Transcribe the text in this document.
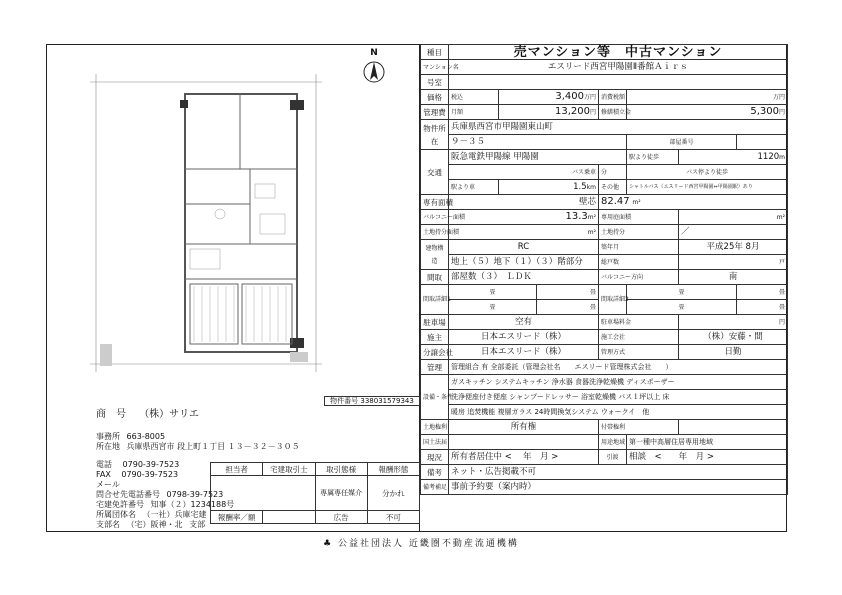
N	種目	売マンション等　中古マンション						
マンション名	エスリード西宮甲陽園Ⅱ番館Ａｉｒｓ						
号室							
価格	税込	3,400万円		消費税額	万円		
管理費	月額	13,200円		修繕積立金	5,300円		
物件所在	兵庫県西宮市甲陽園東山町						
	９－３５				部屋番号		
交通	阪急電鉄甲陽線 甲陽園				駅より徒歩	1120m	
	バス乗車			分	バス停より徒歩		
	駅より車	1.5km		その他	シャトルバス（エスリード西宮甲陽園⇔甲陽園駅）あり		
専有面積	壁芯			82.47 m²			
バルコニー面積	13.3m²			専用庭面積		m²	
土地持分面積	m²			土地持分		／	
建物構造	RC			築年月		平成25年 8月	
	地上（５）地下（１）（３）階部分			総戸数		戸	
間取	部屋数（３）　ＬＤＫ			バルコニー方向		南	
間取詳細1	畳		畳	間取詳細2	畳		畳
	畳		畳		畳		畳
駐車場	空有			駐車場料金		円	
施主	日本エスリード（株）			施工会社		（株）安藤・間	
分譲会社	日本エスリード（株）			管理方式		日勤	
管理	管理組合 有 全部委託（管理会社名　　エスリード管理株式会社　　）						
設備・条件	ガスキッチン システムキッチン 浄水器 食器洗浄乾燥機 ディスポーザー						
	洗浄便座付き便座 シャンプードレッサー 浴室乾燥機 バス１坪以上 床						
	暖房 追焚機能 複層ガラス 24時間換気システム ウォークイ　他						
土地権利	所有権			付帯権利			
国土法届				用途地域	第一種中高層住居専用地域		
現況	所有者居住中 <　 年　月 >			引渡	相談　<　　年　月 >		
備考	ネット・広告掲載不可						
備考補足	事前予約要（案内時）						
物件番号 338031579343
商　号 （株）サリエ
事務所 663-8005
所在地 兵庫県西宮市 段上町１丁目 １３－３２－３０５
電話 0790-39-7523
FAX 0790-39-7523
メール
問合せ先電話番号 0798-39-7523
宅建免許番号 知事（２）1234188号
所属団体名 （一社）兵庫宅建
支部名 （宅）阪神・北 支部
担当者	宅建取引士	取引態様	報酬形態
		専属専任媒介	分かれ

報酬率／額		広告	不可
♣ 公益社団法人 近畿圏不動産流通機構
